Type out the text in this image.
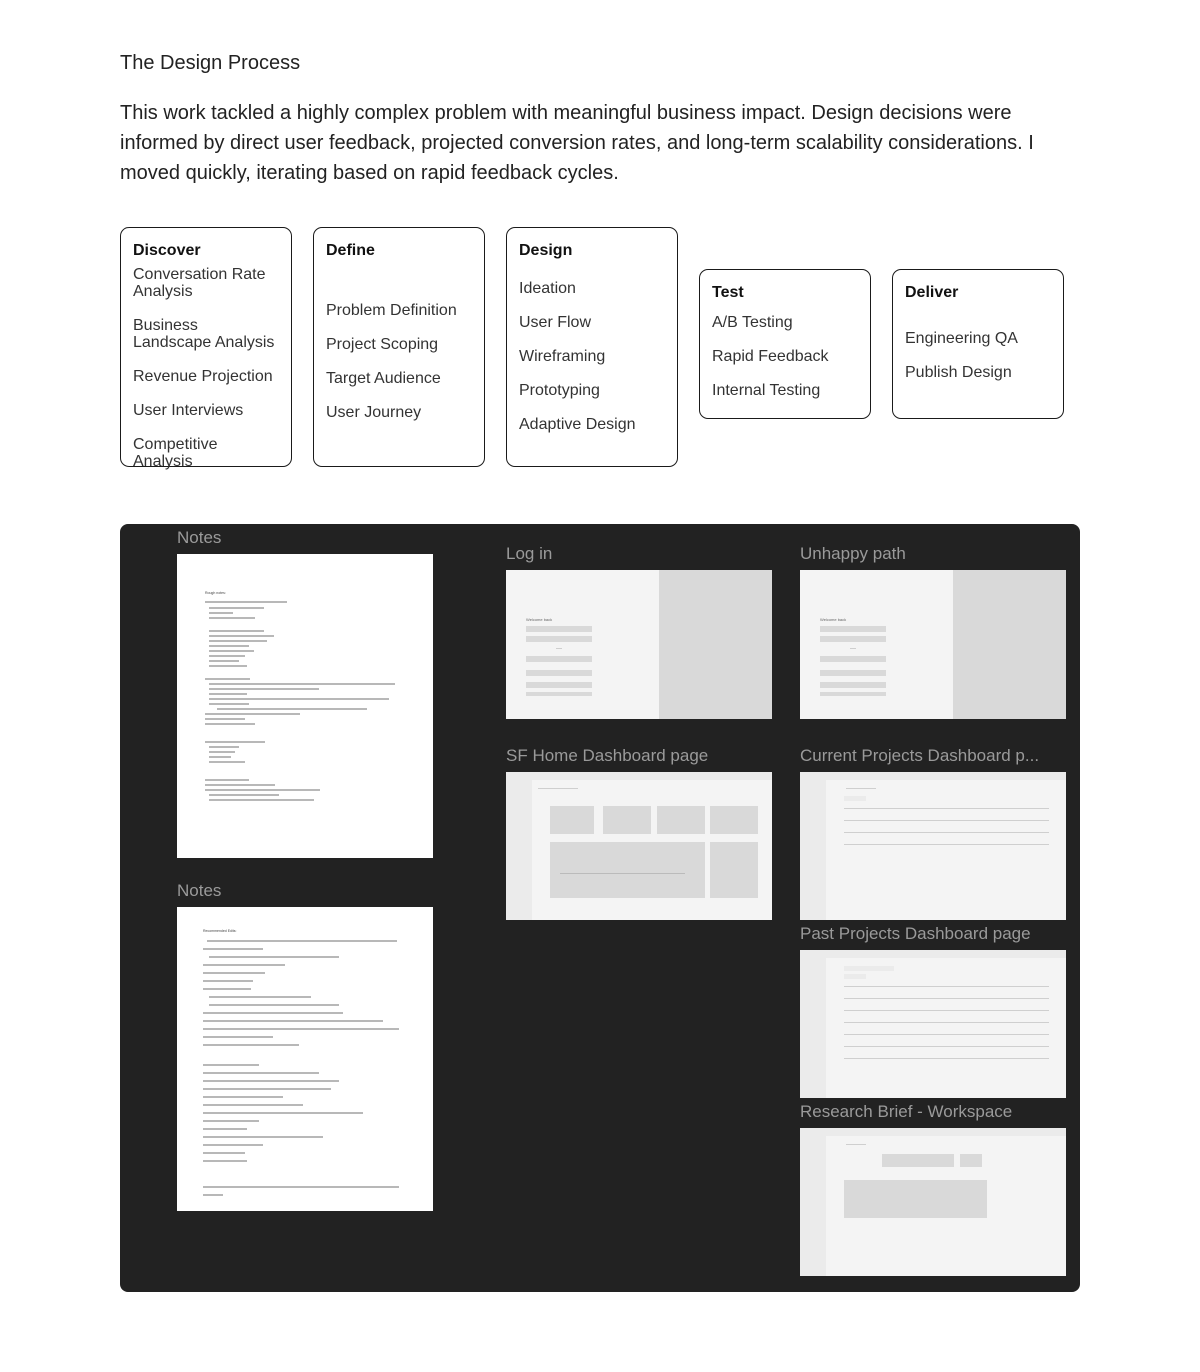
The Design Process

This work tackled a highly complex problem with meaningful business impact. Design decisions were informed by direct user feedback, projected conversion rates, and long-term scalability considerations. I moved quickly, iterating based on rapid feedback cycles.

Discover
Conversation Rate Analysis
Business Landscape Analysis
Revenue Projection
User Interviews
Competitive Analysis
Define
Problem Definition
Project Scoping
Target Audience
User Journey
Design
Ideation
User Flow
Wireframing
Prototyping
Adaptive Design
Test
A/B Testing
Rapid Feedback
Internal Testing
Deliver
Engineering QA
Publish Design
Notes
Rough notes:
Notes
Recommended Edits:
Log in
Welcome back
Unhappy path
Welcome back
SF Home Dashboard page	Current Projects Dashboard p...
Past Projects Dashboard page
Research Brief - Workspace
